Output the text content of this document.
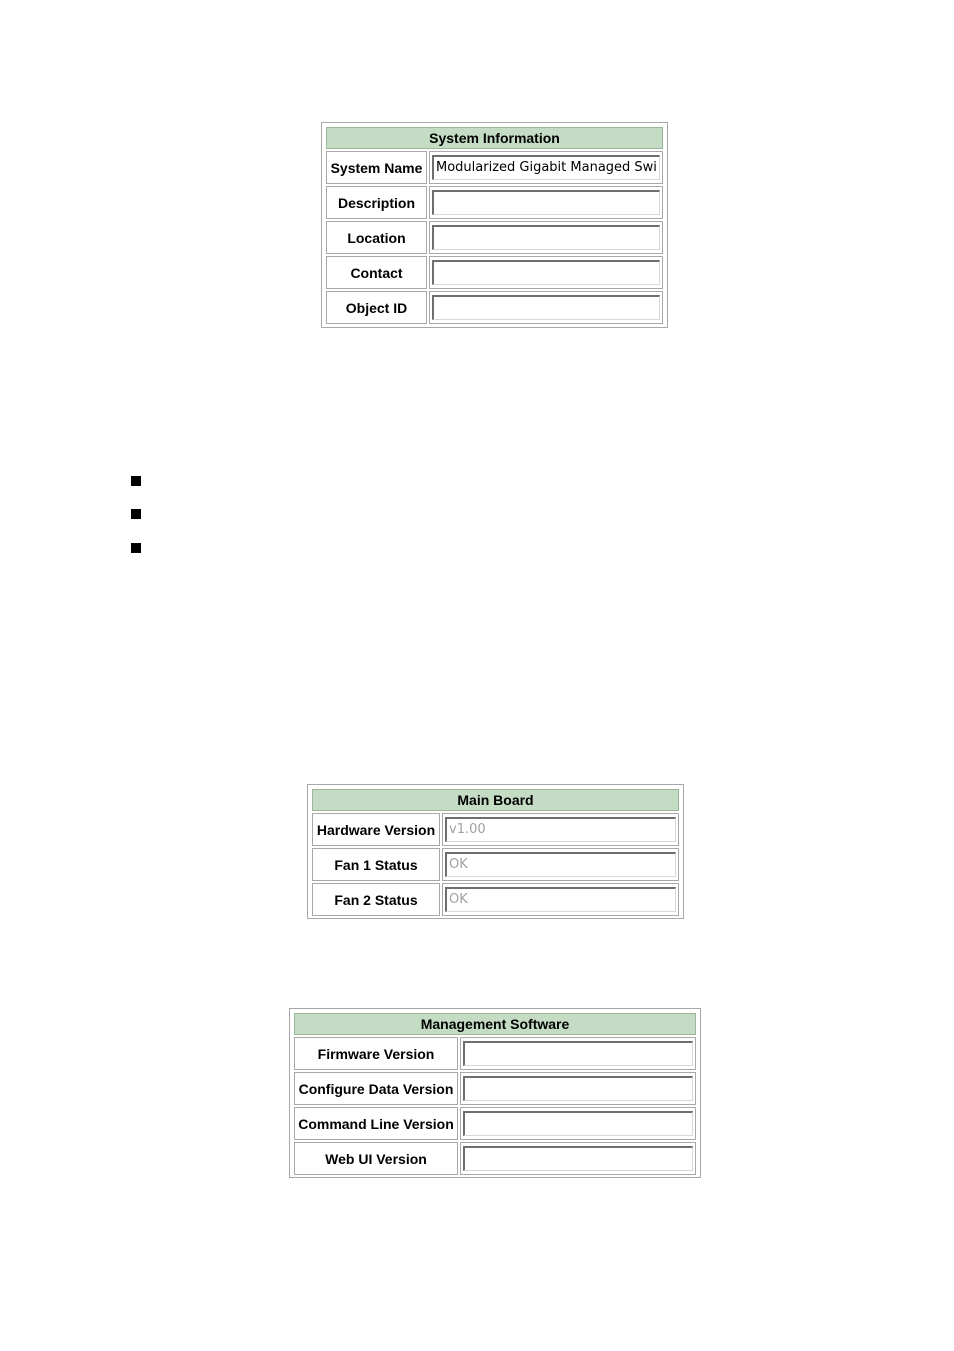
System Information	
System Name	Modularized Gigabit Managed Swi

Description	

Location	

Contact	

Object ID	
Main Board	
Hardware Version	v1.00

Fan 1 Status	OK

Fan 2 Status	OK
Management Software	
Firmware Version	

Configure Data Version	

Command Line Version	

Web UI Version	
